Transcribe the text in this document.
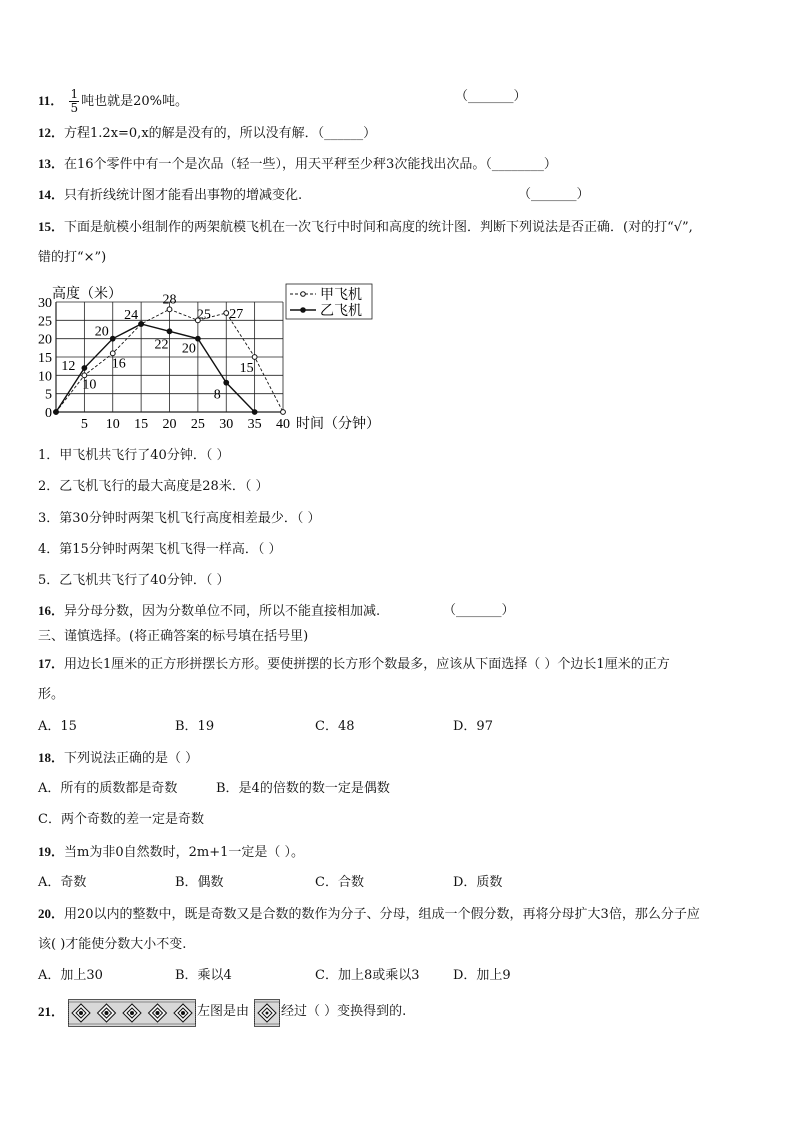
11． $\frac{1}{5}$ 吨也就是20%吨。	（_______）
12．方程1.2x=0,x的解是没有的，所以没有解．（______）
13．在16个零件中有一个是次品（轻一些），用天平秤至少秤3次能找出次品。（________）
14．只有折线统计图才能看出事物的增减变化.	（_______）
15．下面是航模小组制作的两架航模飞机在一次飞行中时间和高度的统计图．判断下列说法是否正确．(对的打“√”,
错的打“×”)
0
5
10
15
20
25
30
5 10 15 20 25 30 35 40
10
16
28
25 27
15
12
20
24
22 20
8
高度（米）
时间（分钟）
甲飞机
乙飞机
1．甲飞机共飞行了40分钟．（ ）
2．乙飞机飞行的最大高度是28米．（ ）
3．第30分钟时两架飞机飞行高度相差最少．（ ）
4．第15分钟时两架飞机飞得一样高．（ ）
5．乙飞机共飞行了40分钟．（ ）
16．异分母分数，因为分数单位不同，所以不能直接相加减.	（_______）
三、谨慎选择。(将正确答案的标号填在括号里)
17．用边长1厘米的正方形拼摆长方形。要使拼摆的长方形个数最多，应该从下面选择（ ）个边长1厘米的正方
形。
A．15	B．19	C．48	D．97
18．下列说法正确的是（ ）
A．所有的质数都是奇数	B．是4的倍数的数一定是偶数
C．两个奇数的差一定是奇数
19．当m为非0自然数时，2m+1一定是（ ）。
A．奇数	B．偶数	C．合数	D．质数
20．用20以内的整数中，既是奇数又是合数的数作为分子、分母，组成一个假分数，再将分母扩大3倍，那么分子应
该( )才能使分数大小不变.
A．加上30	B．乘以4	C．加上8或乘以3	D．加上9
21．	左图是由 经过（ ）变换得到的.
